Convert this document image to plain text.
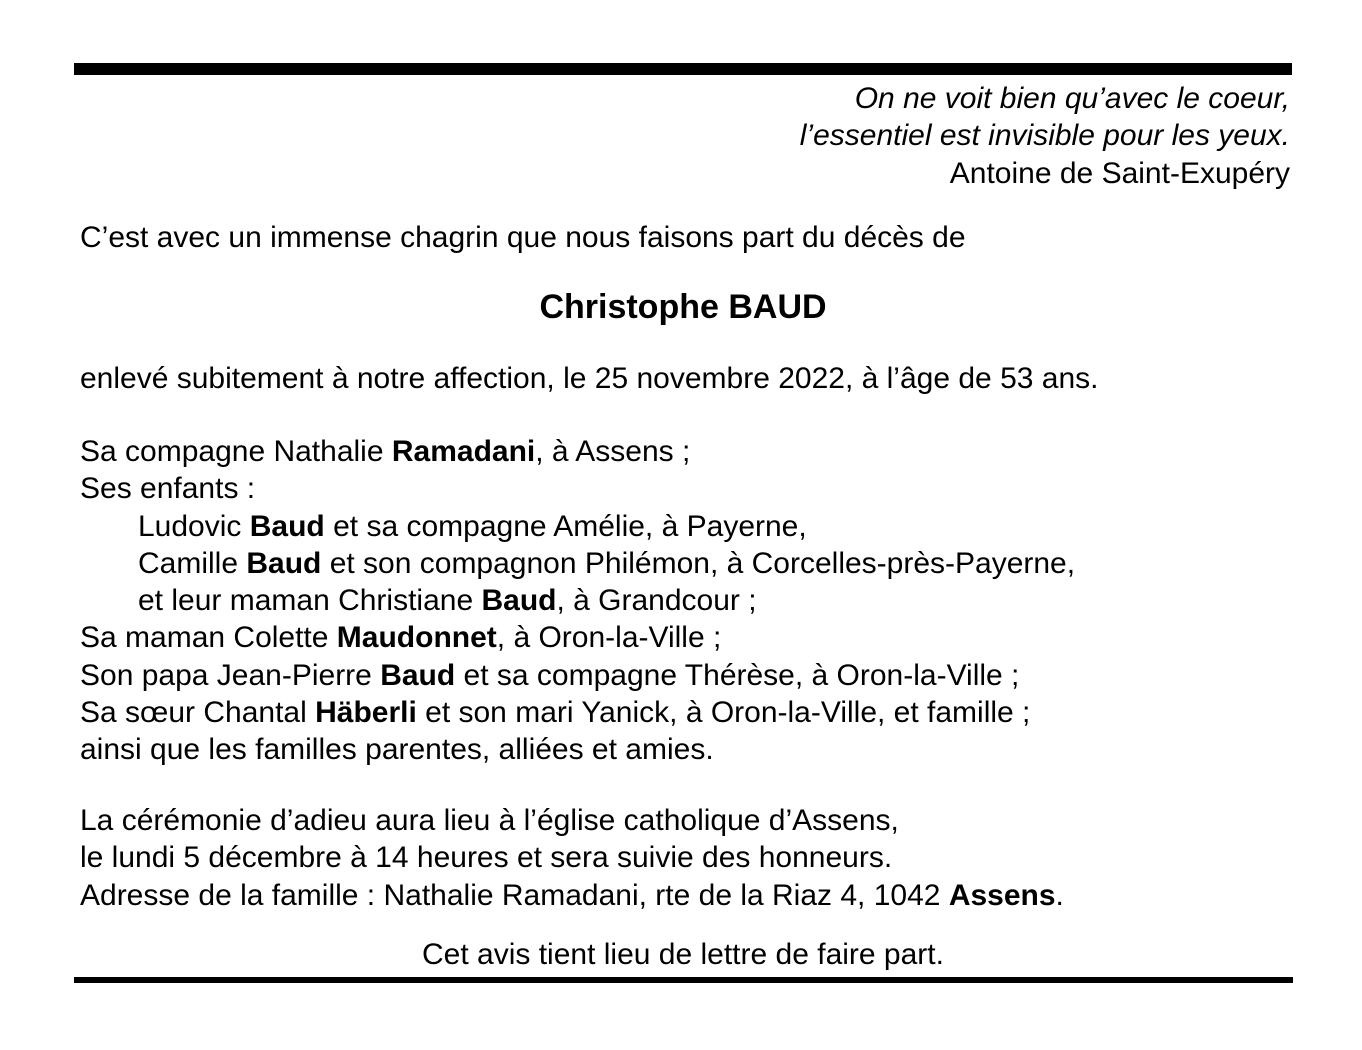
On ne voit bien qu’avec le coeur,
l’essentiel est invisible pour les yeux.
Antoine de Saint-Exupéry
C’est avec un immense chagrin que nous faisons part du décès de
Christophe BAUD
enlevé subitement à notre affection, le 25 novembre 2022, à l’âge de 53 ans.
Sa compagne Nathalie Ramadani, à Assens ;
Ses enfants :
Ludovic Baud et sa compagne Amélie, à Payerne,
Camille Baud et son compagnon Philémon, à Corcelles-près-Payerne,
et leur maman Christiane Baud, à Grandcour ;
Sa maman Colette Maudonnet, à Oron-la-Ville ;
Son papa Jean-Pierre Baud et sa compagne Thérèse, à Oron-la-Ville ;
Sa sœur Chantal Häberli et son mari Yanick, à Oron-la-Ville, et famille ;
ainsi que les familles parentes, alliées et amies.
La cérémonie d’adieu aura lieu à l’église catholique d’Assens,
le lundi 5 décembre à 14 heures et sera suivie des honneurs.
Adresse de la famille : Nathalie Ramadani, rte de la Riaz 4, 1042 Assens.
Cet avis tient lieu de lettre de faire part.
